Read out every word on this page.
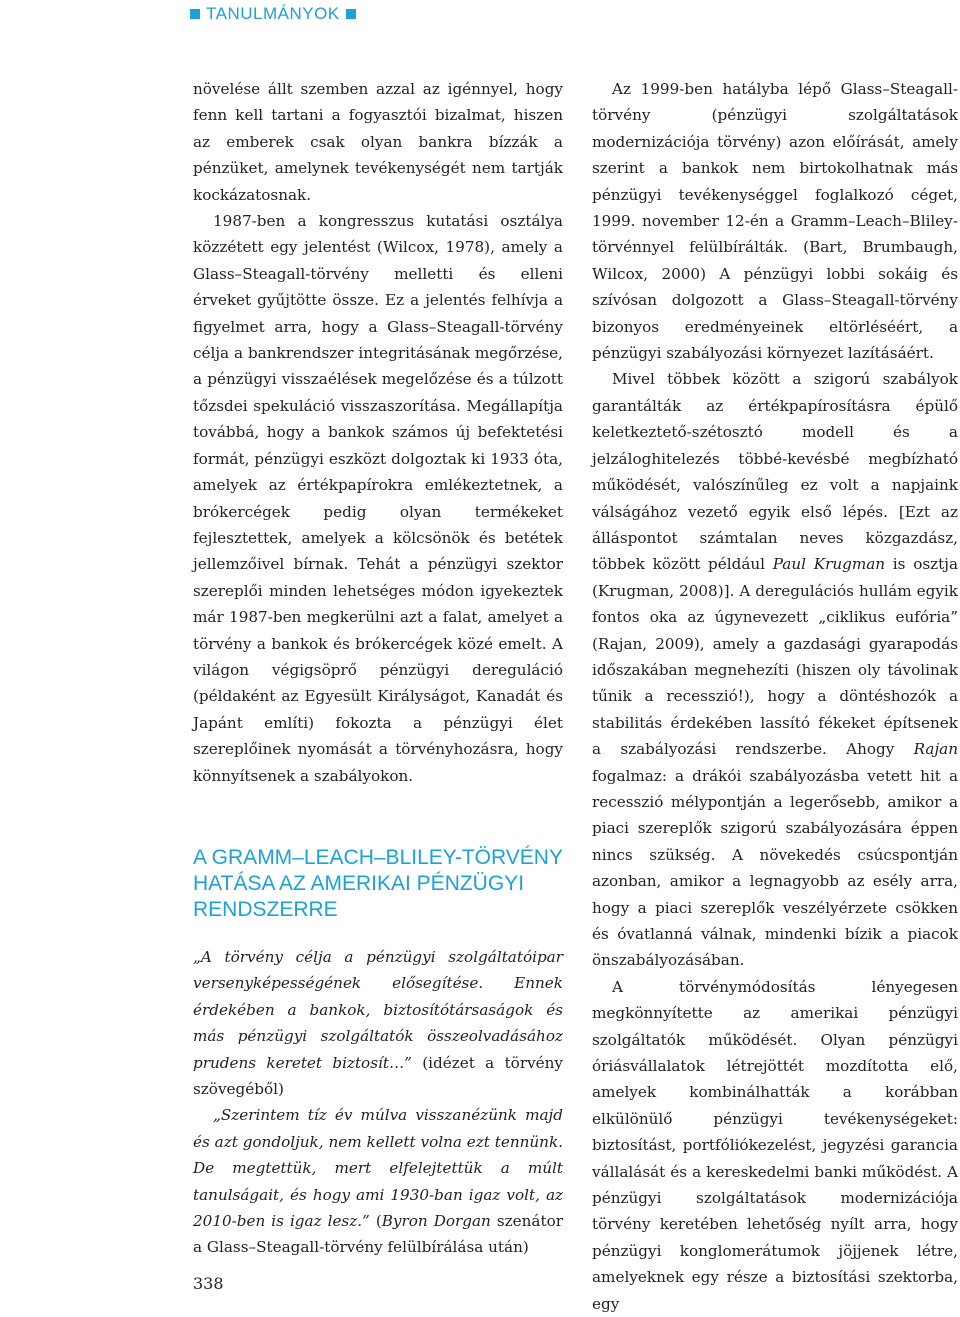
TANULMÁNYOK

növelése állt szemben azzal az igénnyel, hogy fenn kell tartani a fogyasztói bizalmat, hiszen az emberek csak olyan bankra bízzák a pénzüket, amelynek tevékenységét nem tartják kockázatosnak.

1987-ben a kongresszus kutatási osztálya közzétett egy jelentést (Wilcox, 1978), amely a Glass–Steagall-törvény melletti és elleni érveket gyűjtötte össze. Ez a jelentés felhívja a figyelmet arra, hogy a Glass–Steagall-törvény célja a bankrendszer integritásának megőrzése, a pénzügyi visszaélések megelőzése és a túlzott tőzsdei spekuláció visszaszorítása. Megállapítja továbbá, hogy a bankok számos új befektetési formát, pénzügyi eszközt dolgoztak ki 1933 óta, amelyek az értékpapírokra emlékeztetnek, a brókercégek pedig olyan termékeket fejlesztettek, amelyek a kölcsönök és betétek jellemzőivel bírnak. Tehát a pénzügyi szektor szereplői minden lehetséges módon igyekeztek már 1987-ben megkerülni azt a falat, amelyet a törvény a bankok és brókercégek közé emelt. A világon végigsöprő pénzügyi dereguláció (példaként az Egyesült Királyságot, Kanadát és Japánt említi) fokozta a pénzügyi élet szereplőinek nyomását a törvényhozásra, hogy könnyítsenek a szabályokon.

A GRAMM–LEACH–BLILEY-TÖRVÉNY HATÁSA AZ AMERIKAI PÉNZÜGYI RENDSZERRE

„A törvény célja a pénzügyi szolgáltatóipar versenyképességének elősegítése. Ennek érdekében a bankok, biztosítótársaságok és más pénzügyi szolgáltatók összeolvadásához prudens keretet biztosít…” (idézet a törvény szövegéből)

„Szerintem tíz év múlva visszanézünk majd és azt gondoljuk, nem kellett volna ezt tennünk. De megtettük, mert elfelejtettük a múlt tanulságait, és hogy ami 1930-ban igaz volt, az 2010-ben is igaz lesz.” (Byron Dorgan szenátor a Glass–Steagall-törvény felülbírálása után)

Az 1999-ben hatályba lépő Glass–Steagall-törvény (pénzügyi szolgáltatások modernizációja törvény) azon előírását, amely szerint a bankok nem birtokolhatnak más pénzügyi tevékenységgel foglalkozó céget, 1999. november 12-én a Gramm–Leach–Bliley-törvénnyel felülbírálták. (Bart, Brumbaugh, Wilcox, 2000) A pénzügyi lobbi sokáig és szívósan dolgozott a Glass–Steagall-törvény bizonyos eredményeinek eltörléséért, a pénzügyi szabályozási környezet lazításáért.

Mivel többek között a szigorú szabályok garantálták az értékpapírosításra épülő keletkeztető-szétosztó modell és a jelzáloghitelezés többé-kevésbé megbízható működését, valószínűleg ez volt a napjaink válságához vezető egyik első lépés. [Ezt az álláspontot számtalan neves közgazdász, többek között például Paul Krugman is osztja (Krugman, 2008)]. A deregulációs hullám egyik fontos oka az úgynevezett „ciklikus eufória” (Rajan, 2009), amely a gazdasági gyarapodás időszakában megnehezíti (hiszen oly távolinak tűnik a recesszió!), hogy a döntéshozók a stabilitás érdekében lassító fékeket építsenek a szabályozási rendszerbe. Ahogy Rajan fogalmaz: a drákói szabályozásba vetett hit a recesszió mélypontján a legerősebb, amikor a piaci szereplők szigorú szabályozására éppen nincs szükség. A növekedés csúcspontján azonban, amikor a legnagyobb az esély arra, hogy a piaci szereplők veszélyérzete csökken és óvatlanná válnak, mindenki bízik a piacok önszabályozásában.

A törvénymódosítás lényegesen megkönnyítette az amerikai pénzügyi szolgáltatók működését. Olyan pénzügyi óriásvállalatok létrejöttét mozdította elő, amelyek kombinálhatták a korábban elkülönülő pénzügyi tevékenységeket: biztosítást, portfóliókezelést, jegyzési garancia vállalását és a kereskedelmi banki működést. A pénzügyi szolgáltatások modernizációja törvény keretében lehetőség nyílt arra, hogy pénzügyi konglomerátumok jöjjenek létre, amelyeknek egy része a biztosítási szektorba, egy

338
